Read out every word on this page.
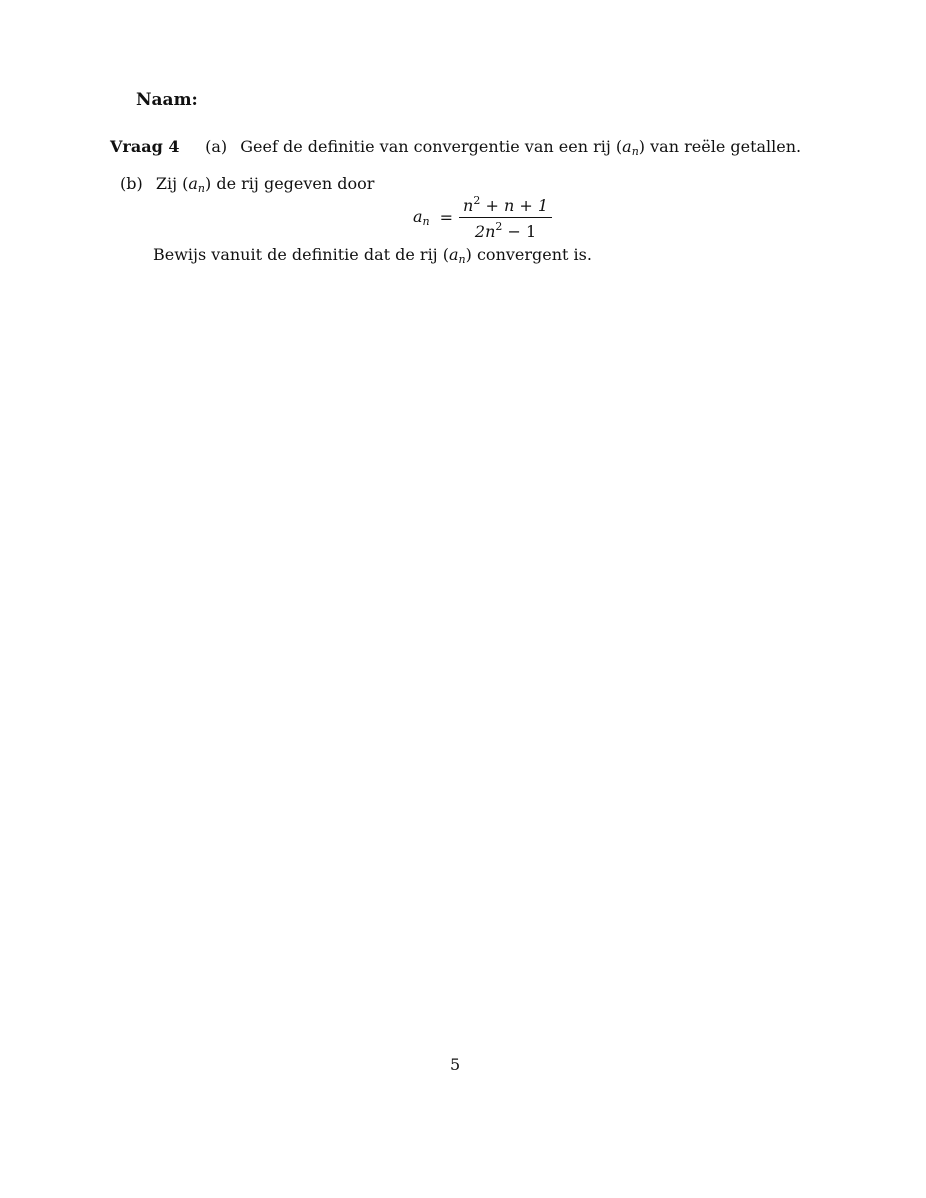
Naam:
Vraag 4 (a) Geef de definitie van convergentie van een rij $(a_n)$ van reële getallen.
(b) Zij $(a_n)$ de rij gegeven door
$a_n = \frac{n^2 + n + 1}{2n^2 - 1}$
Bewijs vanuit de definitie dat de rij $(a_n)$ convergent is.
5
